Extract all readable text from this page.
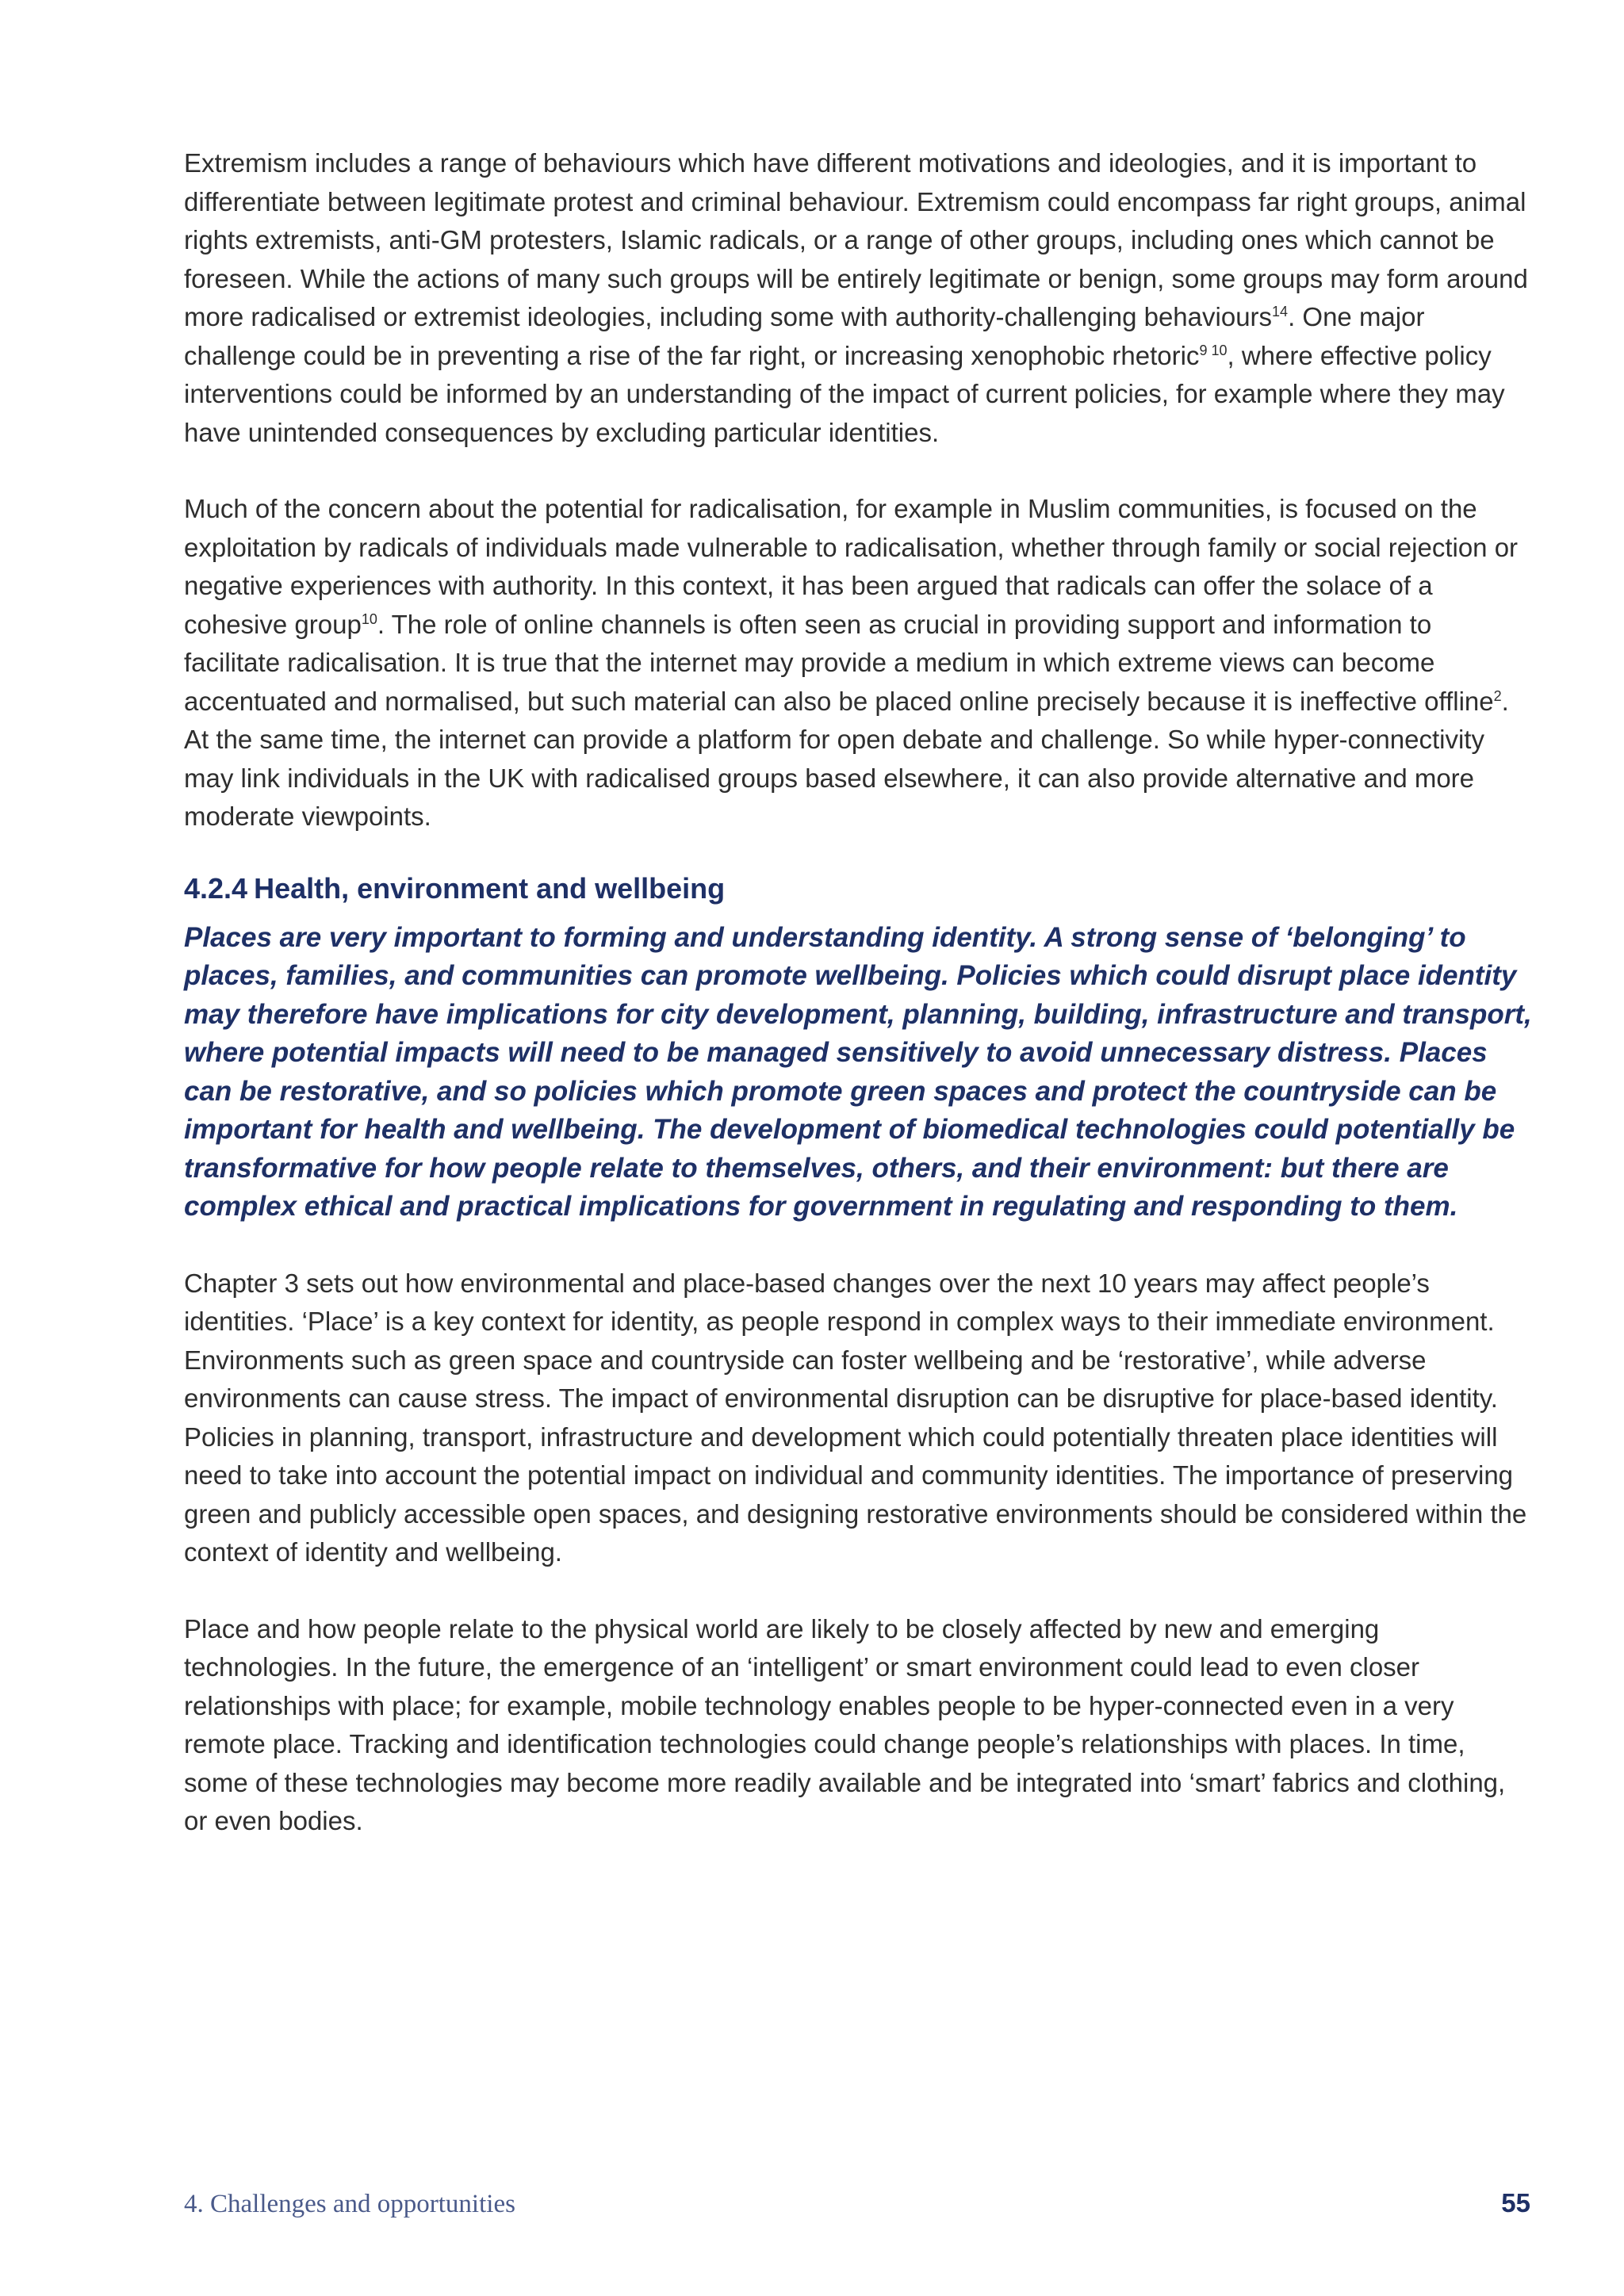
Extremism includes a range of behaviours which have different motivations and ideologies, and it is important to differentiate between legitimate protest and criminal behaviour. Extremism could encompass far right groups, animal rights extremists, anti-GM protesters, Islamic radicals, or a range of other groups, including ones which cannot be foreseen. While the actions of many such groups will be entirely legitimate or benign, some groups may form around more radicalised or extremist ideologies, including some with authority-challenging behaviours$^{14}$. One major challenge could be in preventing a rise of the far right, or increasing xenophobic rhetoric$^{9 10}$, where effective policy interventions could be informed by an understanding of the impact of current policies, for example where they may have unintended consequences by excluding particular identities.

Much of the concern about the potential for radicalisation, for example in Muslim communities, is focused on the exploitation by radicals of individuals made vulnerable to radicalisation, whether through family or social rejection or negative experiences with authority. In this context, it has been argued that radicals can offer the solace of a cohesive group$^{10}$. The role of online channels is often seen as crucial in providing support and information to facilitate radicalisation. It is true that the internet may provide a medium in which extreme views can become accentuated and normalised, but such material can also be placed online precisely because it is ineffective offline$^2$. At the same time, the internet can provide a platform for open debate and challenge. So while hyper-connectivity may link individuals in the UK with radicalised groups based elsewhere, it can also provide alternative and more moderate viewpoints.

4.2.4 Health, environment and wellbeing

Places are very important to forming and understanding identity. A strong sense of ‘belonging’ to places, families, and communities can promote wellbeing. Policies which could disrupt place identity may therefore have implications for city development, planning, building, infrastructure and transport, where potential impacts will need to be managed sensitively to avoid unnecessary distress. Places can be restorative, and so policies which promote green spaces and protect the countryside can be important for health and wellbeing. The development of biomedical technologies could potentially be transformative for how people relate to themselves, others, and their environment: but there are complex ethical and practical implications for government in regulating and responding to them.

Chapter 3 sets out how environmental and place-based changes over the next 10 years may affect people’s identities. ‘Place’ is a key context for identity, as people respond in complex ways to their immediate environment. Environments such as green space and countryside can foster wellbeing and be ‘restorative’, while adverse environments can cause stress. The impact of environmental disruption can be disruptive for place-based identity. Policies in planning, transport, infrastructure and development which could potentially threaten place identities will need to take into account the potential impact on individual and community identities. The importance of preserving green and publicly accessible open spaces, and designing restorative environments should be considered within the context of identity and wellbeing.

Place and how people relate to the physical world are likely to be closely affected by new and emerging technologies. In the future, the emergence of an ‘intelligent’ or smart environment could lead to even closer relationships with place; for example, mobile technology enables people to be hyper-connected even in a very remote place. Tracking and identification technologies could change people’s relationships with places. In time, some of these technologies may become more readily available and be integrated into ‘smart’ fabrics and clothing, or even bodies.

4. Challenges and opportunities	55
